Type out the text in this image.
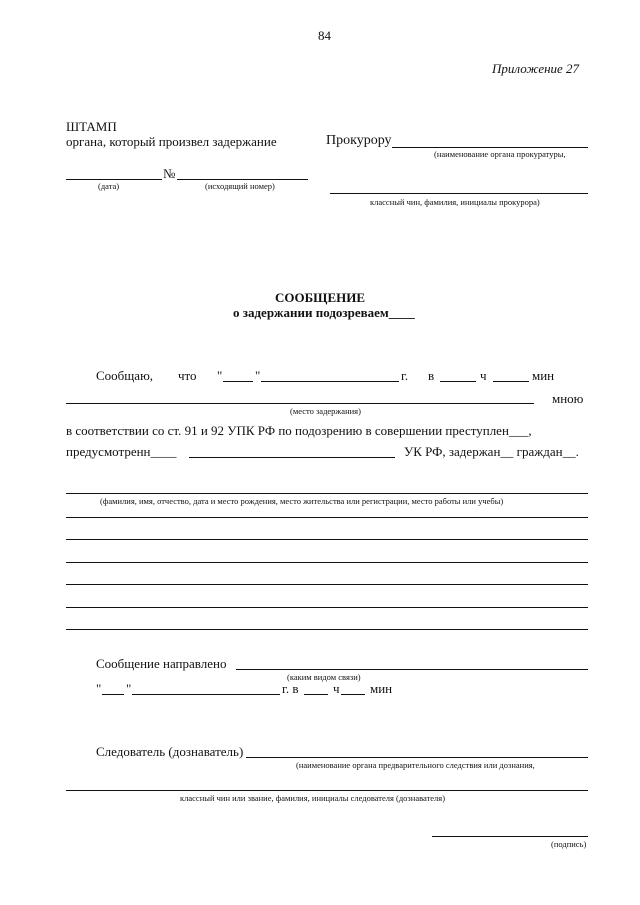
84
Приложение 27
ШТАМП
органа, который произвел задержание
№
(дата)	(исходящий номер)
Прокурору
(наименование органа прокуратуры,
классный чин, фамилия, инициалы прокурора)
СООБЩЕНИЕ
о задержании подозреваем____
Сообщаю, что "	"	г. в	ч	мин
мною
(место задержания)
в соответствии со ст. 91 и 92 УПК РФ по подозрению в совершении преступлен___,
предусмотренн____	УК РФ, задержан__ граждан__.
(фамилия, имя, отчество, дата и место рождения, место жительства или регистрации, место работы или учебы)
Сообщение направлено
(каким видом связи)
" "	г. в	ч мин
Следователь (дознаватель)
(наименование органа предварительного следствия или дознания,
классный чин или звание, фамилия, инициалы следователя (дознавателя)
(подпись)
